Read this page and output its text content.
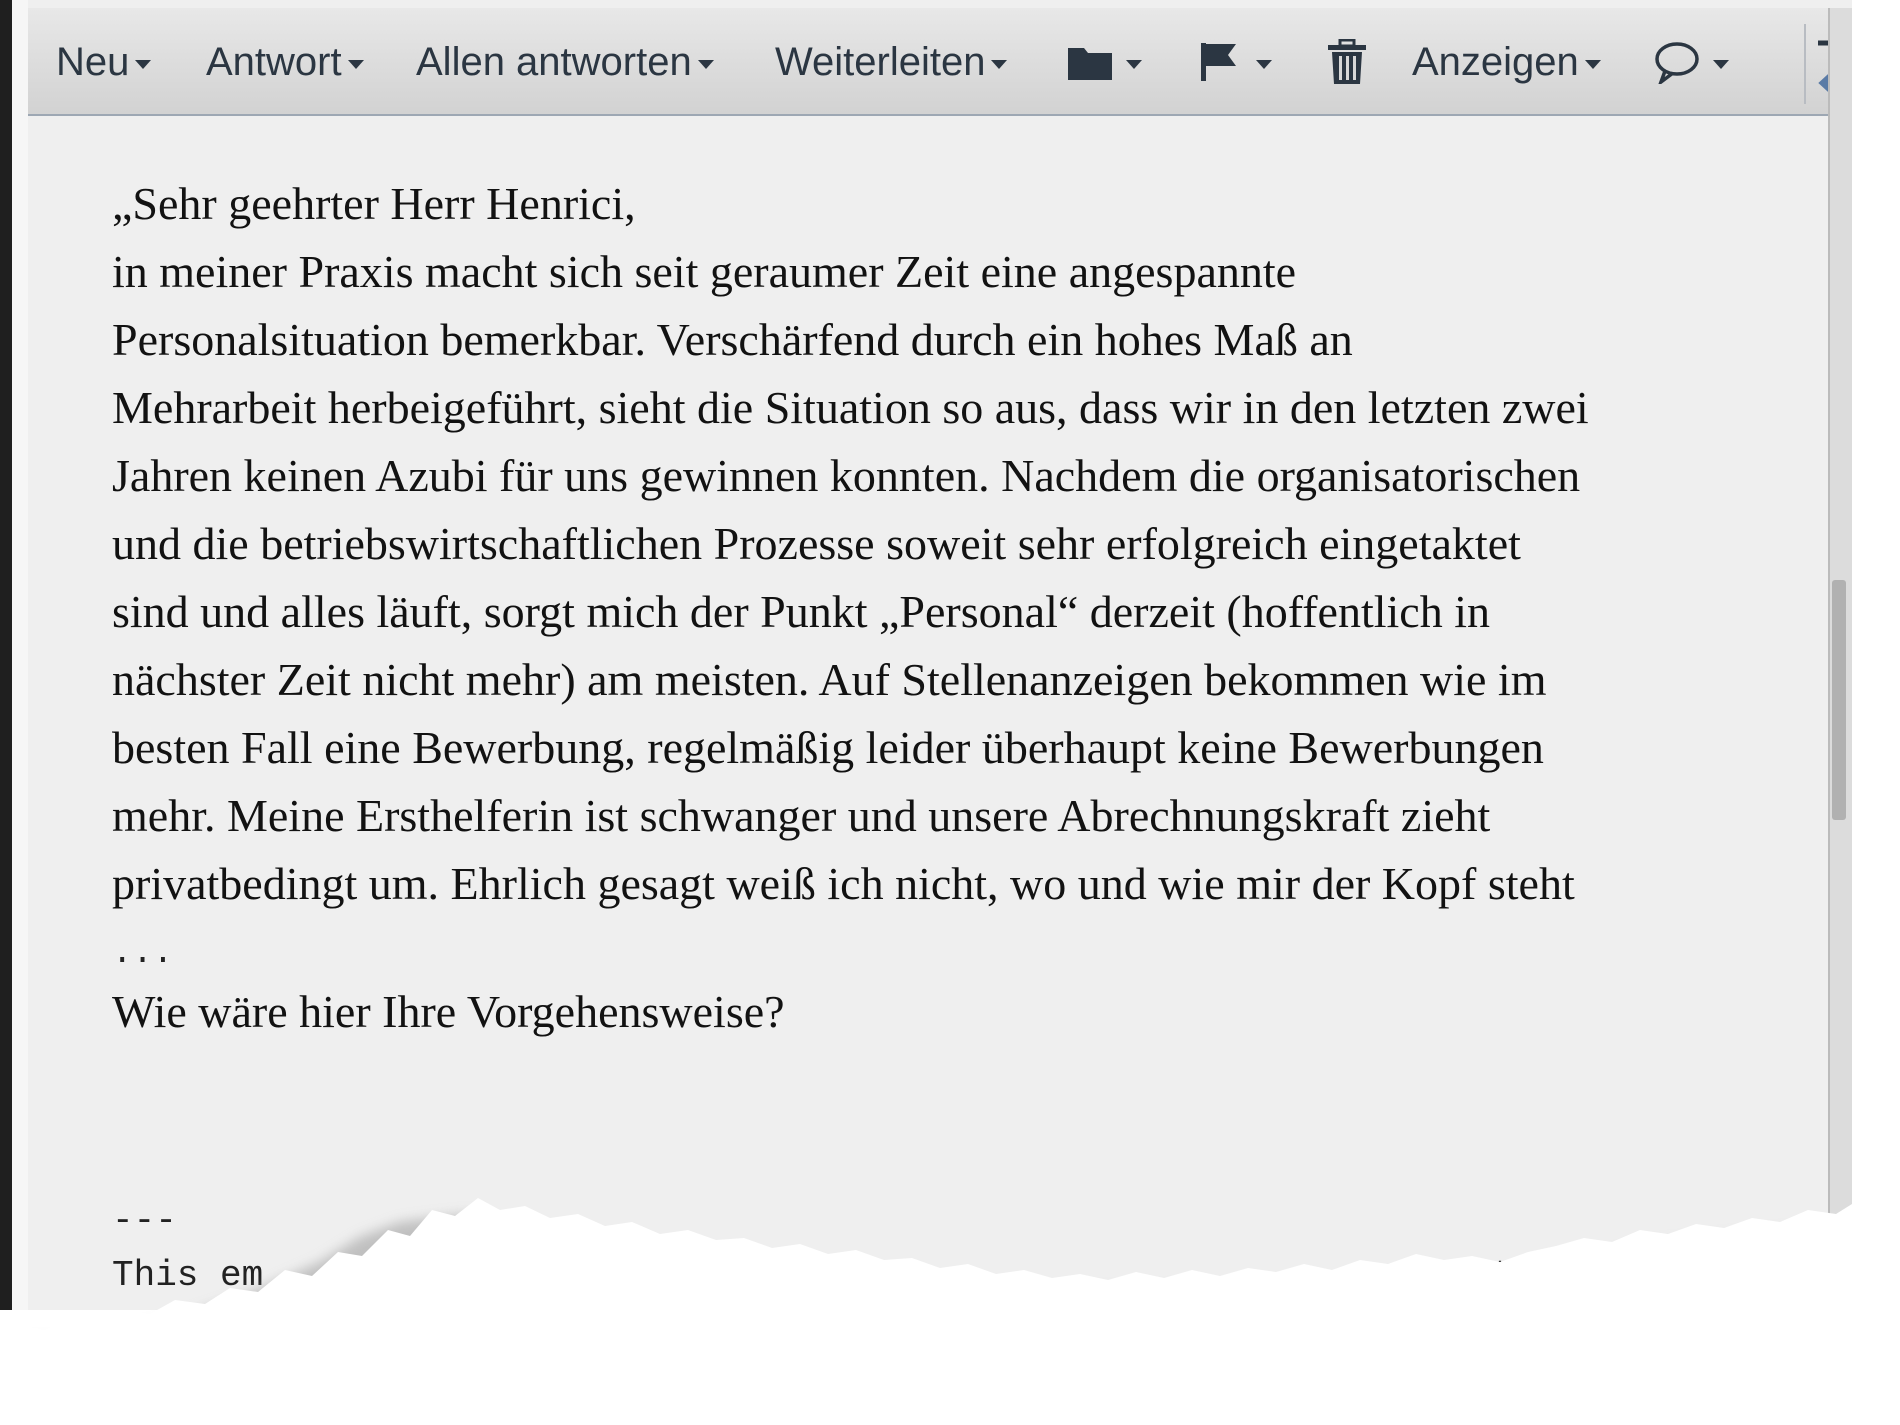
Neu Antwort Allen antworten Weiterleiten	Anzeigen
„Sehr geehrter Herr Henrici,
in meiner Praxis macht sich seit geraumer Zeit eine angespannte
Personalsituation bemerkbar. Verschärfend durch ein hohes Maß an
Mehrarbeit herbeigeführt, sieht die Situation so aus, dass wir in den letzten zwei
Jahren keinen Azubi für uns gewinnen konnten. Nachdem die organisatorischen
und die betriebswirtschaftlichen Prozesse soweit sehr erfolgreich eingetaktet
sind und alles läuft, sorgt mich der Punkt „Personal“ derzeit (hoffentlich in
nächster Zeit nicht mehr) am meisten. Auf Stellenanzeigen bekommen wie im
besten Fall eine Bewerbung, regelmäßig leider überhaupt keine Bewerbungen
mehr. Meine Ersthelferin ist schwanger und unsere Abrechnungskraft zieht
privatbedingt um. Ehrlich gesagt weiß ich nicht, wo und wie mir der Kopf steht
...
Wie wäre hier Ihre Vorgehensweise?
---
This em
